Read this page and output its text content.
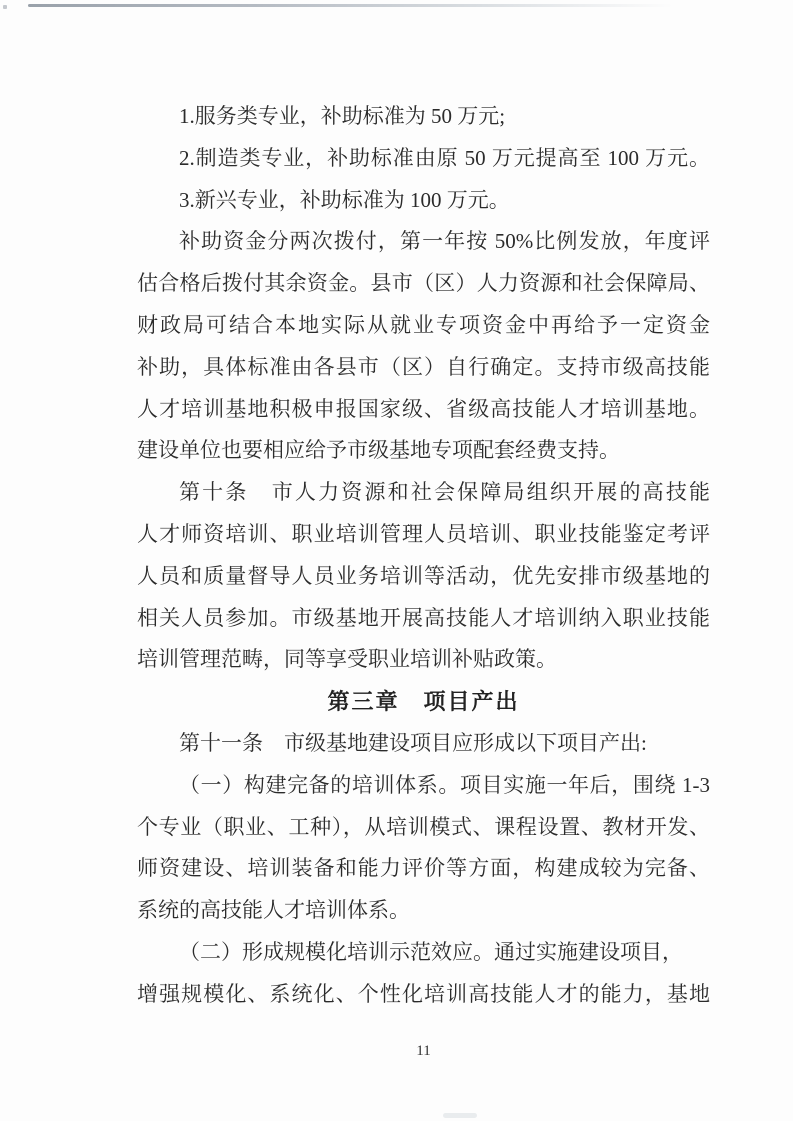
1.服务类专业，补助标准为 50 万元;
2.制造类专业，补助标准由原 50 万元提高至 100 万元。
3.新兴专业，补助标准为 100 万元。
补助资金分两次拨付，第一年按 50%比例发放，年度评
估合格后拨付其余资金。县市（区）人力资源和社会保障局、
财政局可结合本地实际从就业专项资金中再给予一定资金
补助，具体标准由各县市（区）自行确定。支持市级高技能
人才培训基地积极申报国家级、省级高技能人才培训基地。
建设单位也要相应给予市级基地专项配套经费支持。
第十条　市人力资源和社会保障局组织开展的高技能
人才师资培训、职业培训管理人员培训、职业技能鉴定考评
人员和质量督导人员业务培训等活动，优先安排市级基地的
相关人员参加。市级基地开展高技能人才培训纳入职业技能
培训管理范畴，同等享受职业培训补贴政策。
第三章　项目产出
第十一条　市级基地建设项目应形成以下项目产出:
（一）构建完备的培训体系。项目实施一年后，围绕 1-3
个专业（职业、工种），从培训模式、课程设置、教材开发、
师资建设、培训装备和能力评价等方面，构建成较为完备、
系统的高技能人才培训体系。
（二）形成规模化培训示范效应。通过实施建设项目，
增强规模化、系统化、个性化培训高技能人才的能力，基地
11
